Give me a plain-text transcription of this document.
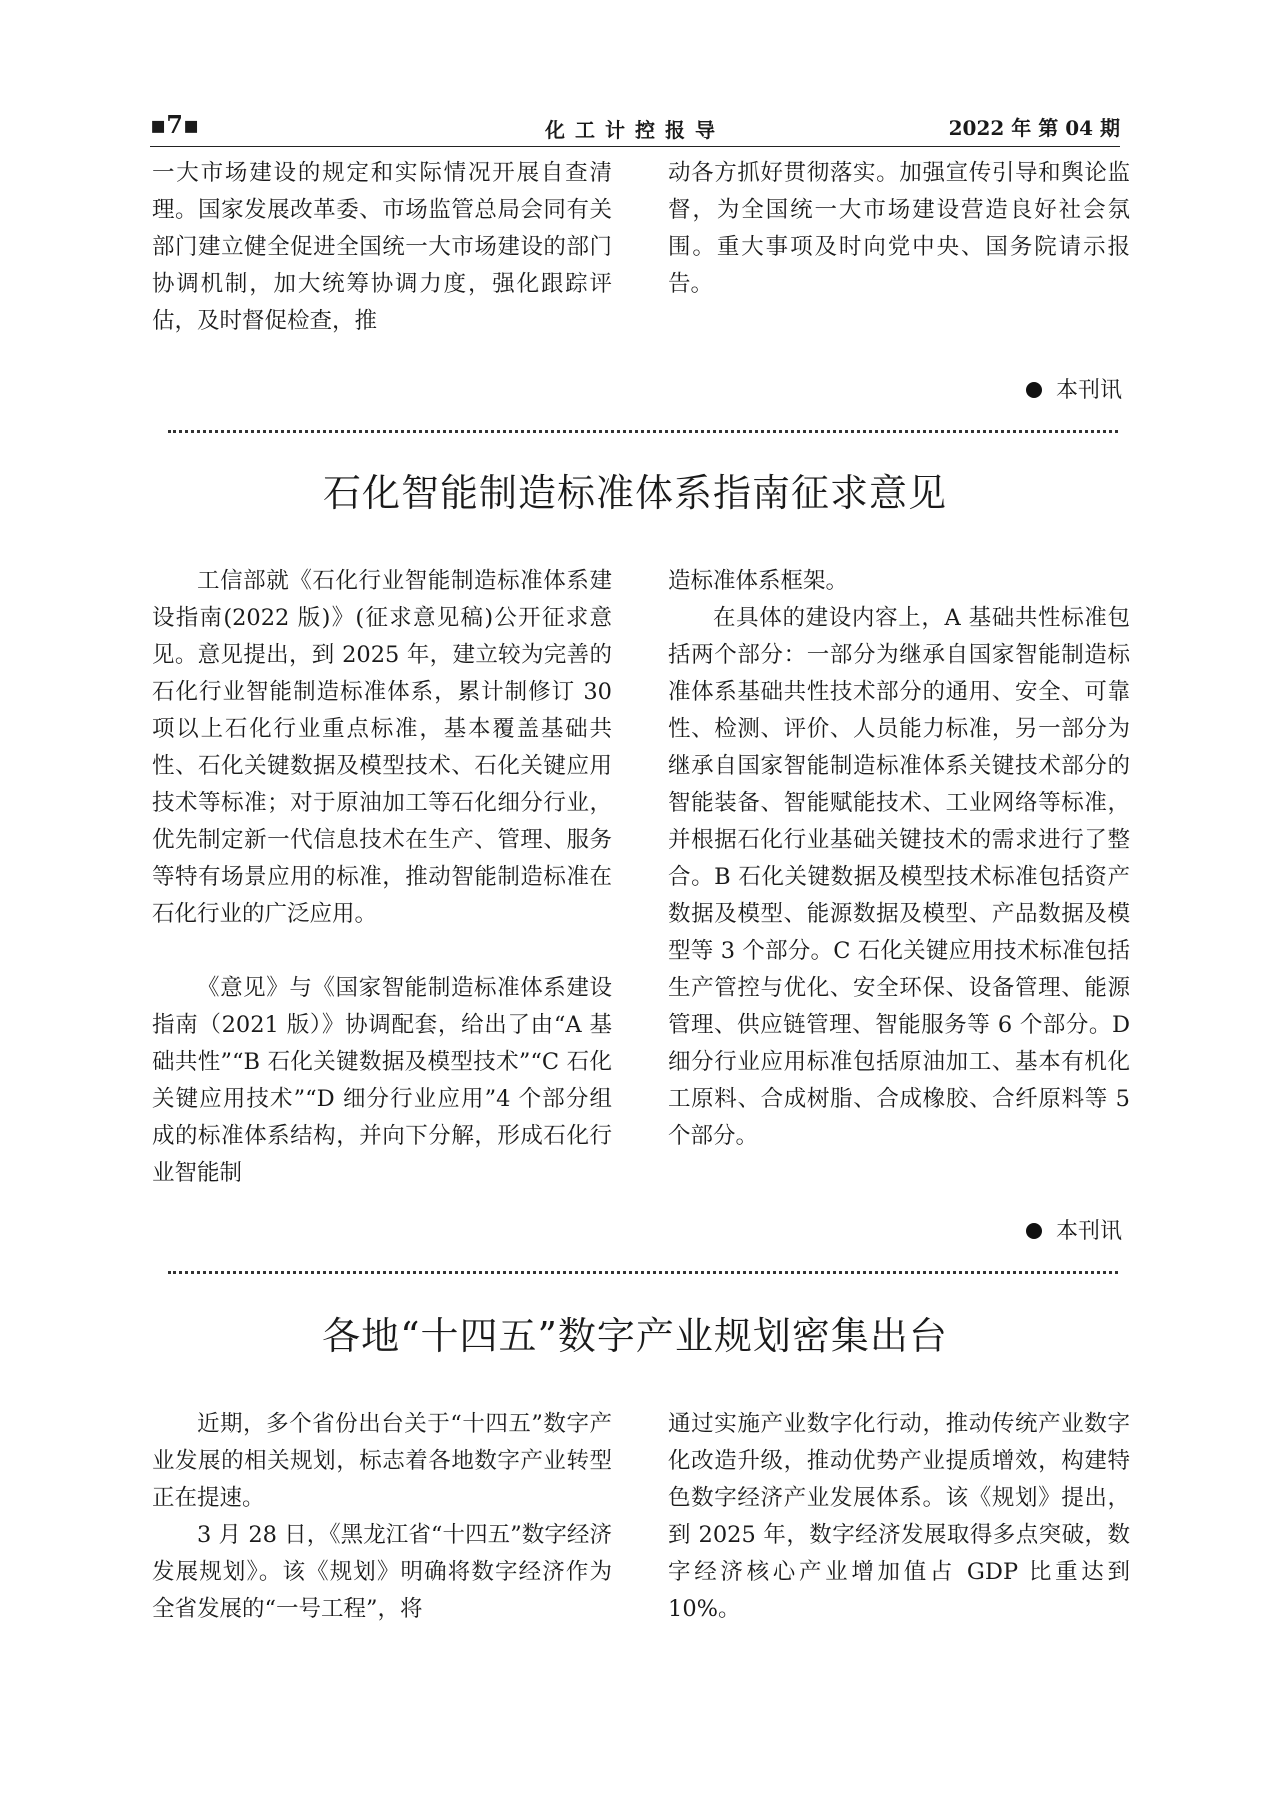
▪7▪	化工计控报导	2022 年 第 04 期

一大市场建设的规定和实际情况开展自查清理。国家发展改革委、市场监管总局会同有关部门建立健全促进全国统一大市场建设的部门协调机制，加大统筹协调力度，强化跟踪评估，及时督促检查，推

动各方抓好贯彻落实。加强宣传引导和舆论监督，为全国统一大市场建设营造良好社会氛围。重大事项及时向党中央、国务院请示报告。

本刊讯
石化智能制造标准体系指南征求意见

工信部就《石化行业智能制造标准体系建设指南(2022 版)》(征求意见稿)公开征求意见。意见提出，到 2025 年，建立较为完善的石化行业智能制造标准体系，累计制修订 30 项以上石化行业重点标准，基本覆盖基础共性、石化关键数据及模型技术、石化关键应用技术等标准；对于原油加工等石化细分行业，优先制定新一代信息技术在生产、管理、服务等特有场景应用的标准，推动智能制造标准在石化行业的广泛应用。

《意见》与《国家智能制造标准体系建设指南（2021 版）》协调配套，给出了由“A 基础共性”“B 石化关键数据及模型技术”“C 石化关键应用技术”“D 细分行业应用”4 个部分组成的标准体系结构，并向下分解，形成石化行业智能制

造标准体系框架。

在具体的建设内容上，A 基础共性标准包括两个部分：一部分为继承自国家智能制造标准体系基础共性技术部分的通用、安全、可靠性、检测、评价、人员能力标准，另一部分为继承自国家智能制造标准体系关键技术部分的智能装备、智能赋能技术、工业网络等标准，并根据石化行业基础关键技术的需求进行了整合。B 石化关键数据及模型技术标准包括资产数据及模型、能源数据及模型、产品数据及模型等 3 个部分。C 石化关键应用技术标准包括生产管控与优化、安全环保、设备管理、能源管理、供应链管理、智能服务等 6 个部分。D 细分行业应用标准包括原油加工、基本有机化工原料、合成树脂、合成橡胶、合纤原料等 5 个部分。

本刊讯
各地“十四五”数字产业规划密集出台

近期，多个省份出台关于“十四五”数字产业发展的相关规划，标志着各地数字产业转型正在提速。

3 月 28 日，《黑龙江省“十四五”数字经济发展规划》。该《规划》明确将数字经济作为全省发展的“一号工程”，将

通过实施产业数字化行动，推动传统产业数字化改造升级，推动优势产业提质增效，构建特色数字经济产业发展体系。该《规划》提出，到 2025 年，数字经济发展取得多点突破，数字经济核心产业增加值占 GDP 比重达到 10%。
